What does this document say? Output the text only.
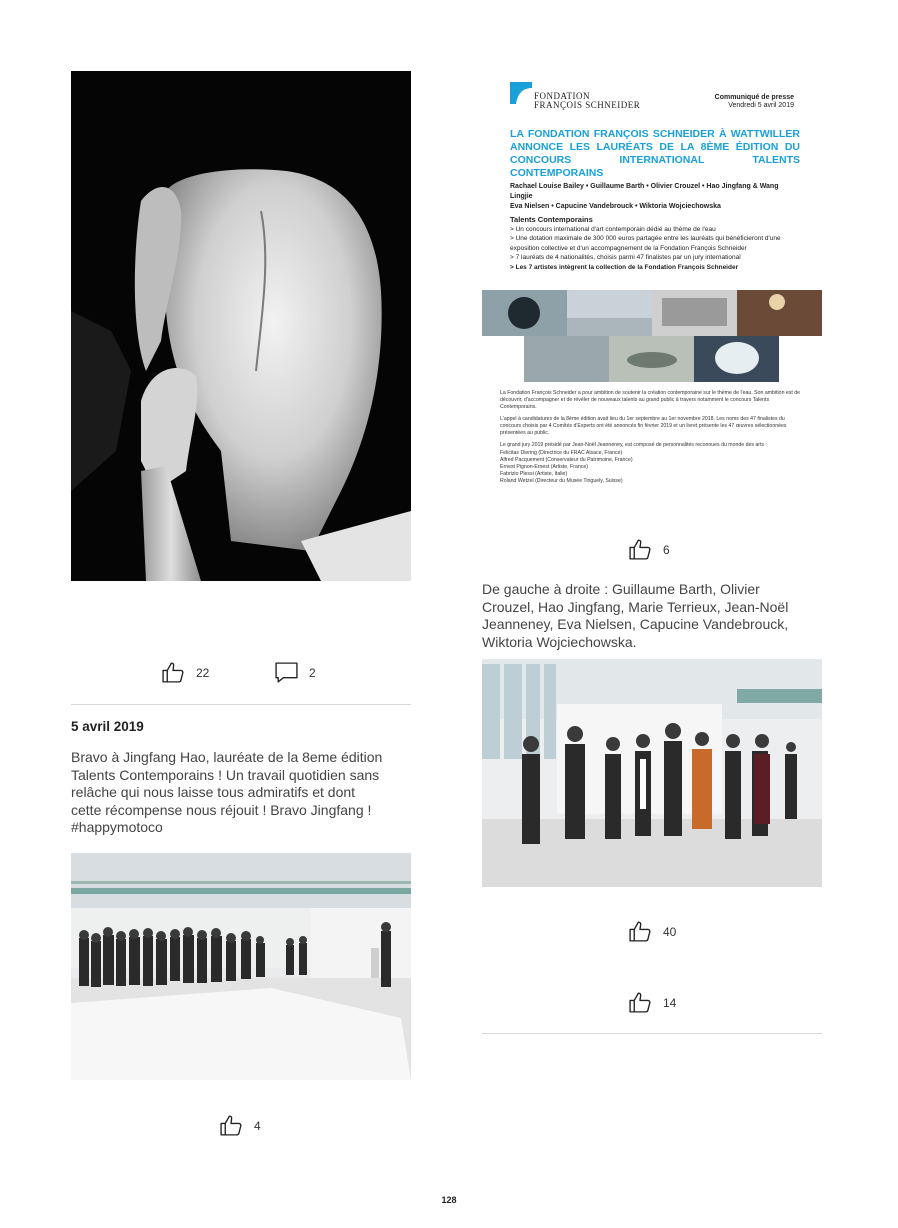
22	2
5 avril 2019
Bravo à Jingfang Hao, lauréate de la 8eme édition
Talents Contemporains ! Un travail quotidien sans
relâche qui nous laisse tous admiratifs et dont
cette récompense nous réjouit ! Bravo Jingfang !
#happymotoco
4
FONDATION
FRANÇOIS SCHNEIDER
Communiqué de presse
Vendredi 5 avril 2019
LA FONDATION FRANÇOIS SCHNEIDER À WATTWILLER ANNONCE LES LAURÉATS DE LA 8ÈME ÉDITION DU CONCOURS INTERNATIONAL TALENTS CONTEMPORAINS
Rachael Louise Bailey • Guillaume Barth • Olivier Crouzel • Hao Jingfang & Wang Lingjie
Eva Nielsen • Capucine Vandebrouck • Wiktoria Wojciechowska
Talents Contemporains
> Un concours international d'art contemporain dédié au thème de l'eau
> Une dotation maximale de 300 000 euros partagée entre les lauréats qui bénéficieront d'une exposition collective et d'un accompagnement de la Fondation François Schneider
> 7 lauréats de 4 nationalités, choisis parmi 47 finalistes par un jury international
> Les 7 artistes intègrent la collection de la Fondation François Schneider

La Fondation François Schneider a pour ambition de soutenir la création contemporaine sur le thème de l'eau. Son ambition est de découvrir, d'accompagner et de révéler de nouveaux talents au grand public à travers notamment le concours Talents Contemporains.

L'appel à candidatures de la 8ème édition avait lieu du 1er septembre au 1er novembre 2018. Les noms des 47 finalistes du concours choisis par 4 Comités d'Experts ont été annoncés fin février 2019 et un livret présente les 47 œuvres sélectionnées présentées au public.

Le grand jury 2019 présidé par Jean-Noël Jeanneney, est composé de personnalités reconnues du monde des arts :

Felicitas Diering (Directrice du FRAC Alsace, France)
Alfred Pacquement (Conservateur du Patrimoine, France)
Ernest Pignon-Ernest (Artiste, France)
Fabrizio Plessi (Artiste, Italie)
Roland Wetzel (Directeur du Musée Tinguely, Suisse)
6
De gauche à droite : Guillaume Barth, Olivier
Crouzel, Hao Jingfang, Marie Terrieux, Jean-Noël
Jeanneney, Eva Nielsen, Capucine Vandebrouck,
Wiktoria Wojciechowska.
40
14
128
